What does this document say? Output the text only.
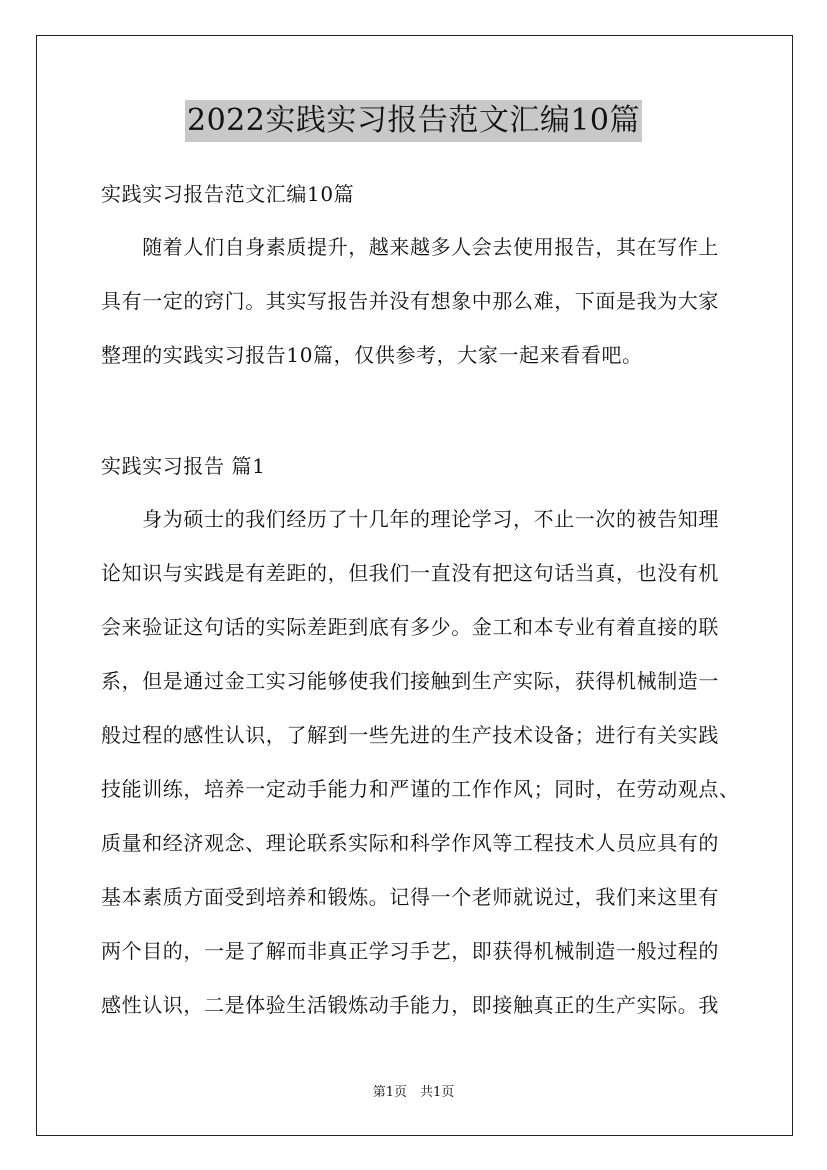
2022实践实习报告范文汇编10篇
实践实习报告范文汇编10篇
　　随着人们自身素质提升，越来越多人会去使用报告，其在写作上
具有一定的窍门。其实写报告并没有想象中那么难，下面是我为大家
整理的实践实习报告10篇，仅供参考，大家一起来看看吧。
实践实习报告 篇1
　　身为硕士的我们经历了十几年的理论学习，不止一次的被告知理
论知识与实践是有差距的，但我们一直没有把这句话当真，也没有机
会来验证这句话的实际差距到底有多少。金工和本专业有着直接的联
系，但是通过金工实习能够使我们接触到生产实际，获得机械制造一
般过程的感性认识，了解到一些先进的生产技术设备；进行有关实践
技能训练，培养一定动手能力和严谨的工作作风；同时，在劳动观点、
质量和经济观念、理论联系实际和科学作风等工程技术人员应具有的
基本素质方面受到培养和锻炼。记得一个老师就说过，我们来这里有
两个目的，一是了解而非真正学习手艺，即获得机械制造一般过程的
感性认识，二是体验生活锻炼动手能力，即接触真正的生产实际。我
第1页　共1页
